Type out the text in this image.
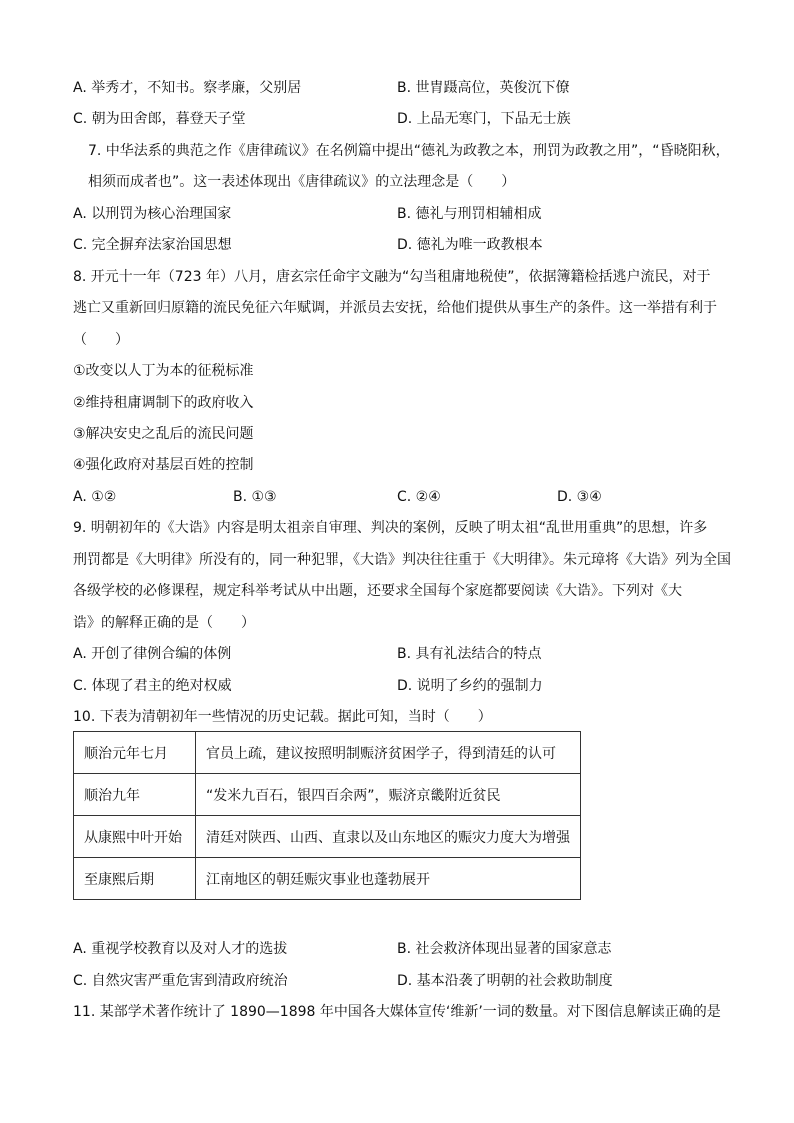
A. 举秀才，不知书。察孝廉，父别居	B. 世胄蹑高位，英俊沉下僚
C. 朝为田舍郎，暮登天子堂	D. 上品无寒门，下品无士族
7. 中华法系的典范之作《唐律疏议》在名例篇中提出“德礼为政教之本，刑罚为政教之用”，“昏晓阳秋，
相须而成者也”。这一表述体现出《唐律疏议》的立法理念是（　　）
A. 以刑罚为核心治理国家	B. 德礼与刑罚相辅相成
C. 完全摒弃法家治国思想	D. 德礼为唯一政教根本
8. 开元十一年（723 年）八月，唐玄宗任命宇文融为“勾当租庸地税使”，依据簿籍检括逃户流民，对于
逃亡又重新回归原籍的流民免征六年赋调，并派员去安抚，给他们提供从事生产的条件。这一举措有利于
（　　）
①改变以人丁为本的征税标准
②维持租庸调制下的政府收入
③解决安史之乱后的流民问题
④强化政府对基层百姓的控制
A. ①②	B. ①③	C. ②④	D. ③④
9. 明朝初年的《大诰》内容是明太祖亲自审理、判决的案例，反映了明太祖“乱世用重典”的思想，许多
刑罚都是《大明律》所没有的，同一种犯罪，《大诰》判决往往重于《大明律》。朱元璋将《大诰》列为全国
各级学校的必修课程，规定科举考试从中出题，还要求全国每个家庭都要阅读《大诰》。下列对《大
诰》的解释正确的是（　　）
A. 开创了律例合编的体例	B. 具有礼法结合的特点
C. 体现了君主的绝对权威	D. 说明了乡约的强制力
10. 下表为清朝初年一些情况的历史记载。据此可知，当时（　　）
顺治元年七月	官员上疏，建议按照明制赈济贫困学子，得到清廷的认可
顺治九年	“发米九百石，银四百余两”，赈济京畿附近贫民
从康熙中叶开始	清廷对陕西、山西、直隶以及山东地区的赈灾力度大为增强
至康熙后期	江南地区的朝廷赈灾事业也蓬勃展开
A. 重视学校教育以及对人才的选拔	B. 社会救济体现出显著的国家意志
C. 自然灾害严重危害到清政府统治	D. 基本沿袭了明朝的社会救助制度
11. 某部学术著作统计了 1890—1898 年中国各大媒体宣传‘维新’一词的数量。对下图信息解读正确的是
